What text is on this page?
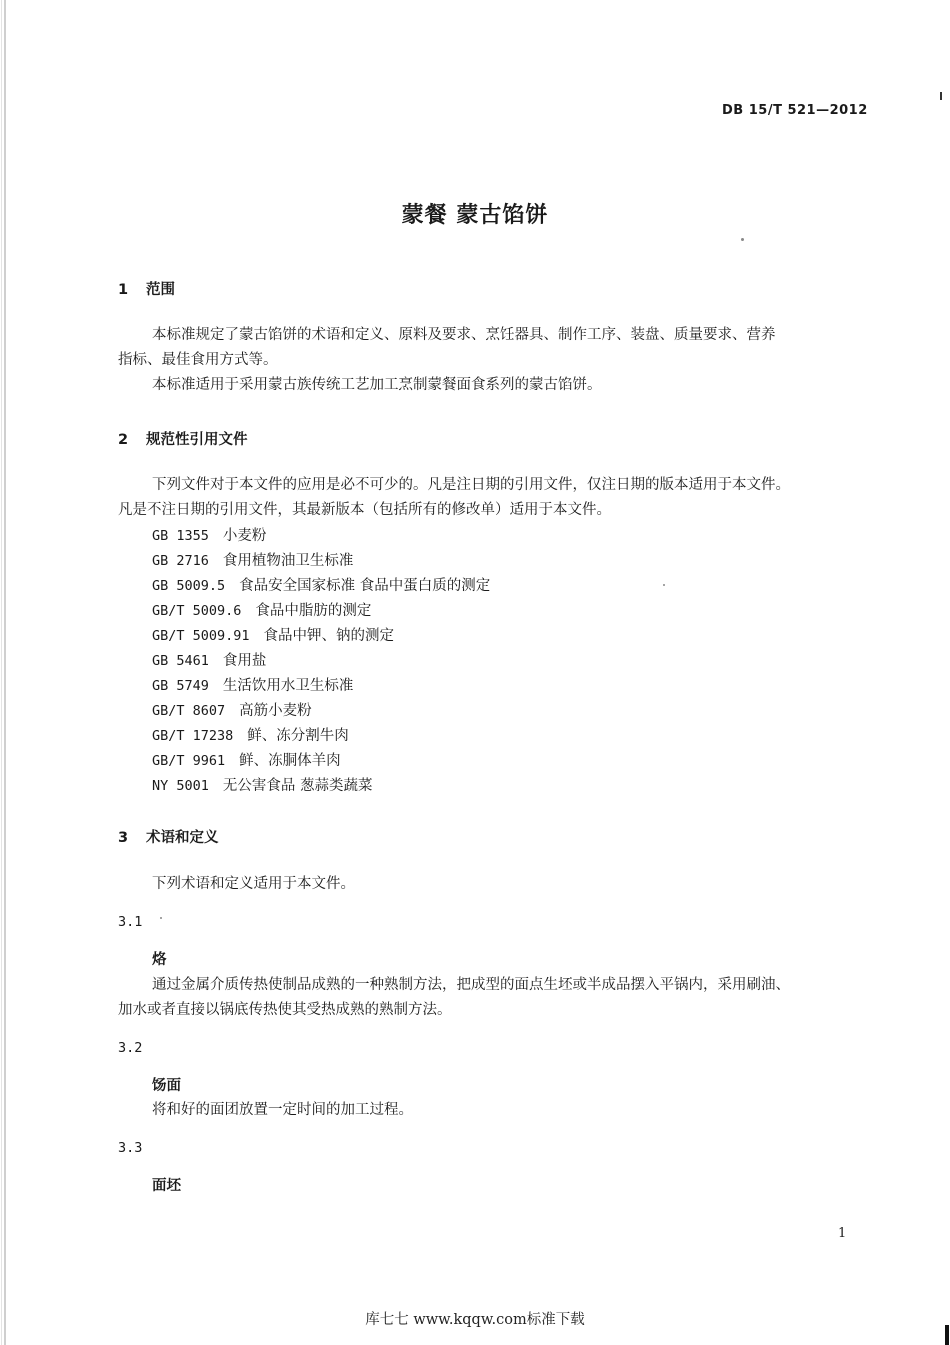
DB 15/T 521—2012
蒙餐 蒙古馅饼
1 范围
本标准规定了蒙古馅饼的术语和定义、原料及要求、烹饪器具、制作工序、装盘、质量要求、营养
指标、最佳食用方式等。
本标准适用于采用蒙古族传统工艺加工烹制蒙餐面食系列的蒙古馅饼。
2 规范性引用文件
下列文件对于本文件的应用是必不可少的。凡是注日期的引用文件，仅注日期的版本适用于本文件。
凡是不注日期的引用文件，其最新版本（包括所有的修改单）适用于本文件。
GB 1355 小麦粉
GB 2716 食用植物油卫生标准
GB 5009.5 食品安全国家标准 食品中蛋白质的测定
GB/T 5009.6 食品中脂肪的测定
GB/T 5009.91 食品中钾、钠的测定
GB 5461 食用盐
GB 5749 生活饮用水卫生标准
GB/T 8607 高筋小麦粉
GB/T 17238 鲜、冻分割牛肉
GB/T 9961 鲜、冻胴体羊肉
NY 5001 无公害食品 葱蒜类蔬菜
3 术语和定义
下列术语和定义适用于本文件。
3.1
烙
通过金属介质传热使制品成熟的一种熟制方法，把成型的面点生坯或半成品摆入平锅内，采用刷油、
加水或者直接以锅底传热使其受热成熟的熟制方法。
3.2
饧面
将和好的面团放置一定时间的加工过程。
3.3
面坯
1
库七七 www.kqqw.com标准下载
